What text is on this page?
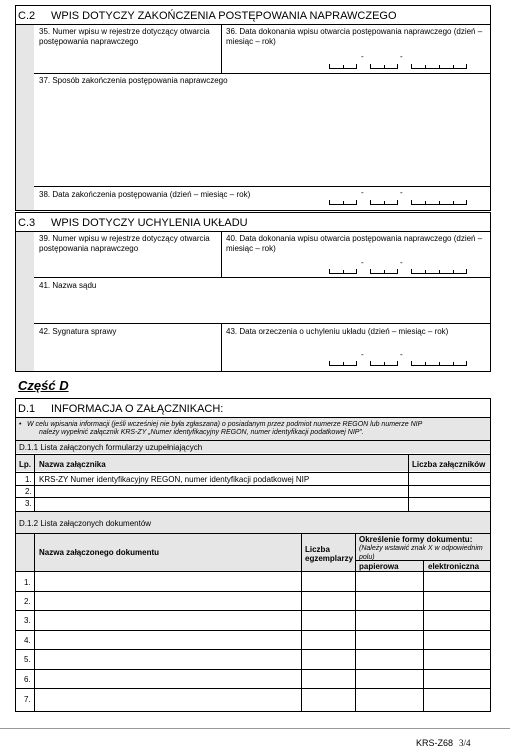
C.2 WPIS DOTYCZY ZAKOŃCZENIA POSTĘPOWANIA NAPRAWCZEGO
35. Numer wpisu w rejestrze dotyczący otwarcia postępowania naprawczego
36. Data dokonania wpisu otwarcia postępowania naprawczego (dzień – miesiąc – rok)
-	-
37. Sposób zakończenia postępowania naprawczego
38. Data zakończenia postępowania (dzień – miesiąc – rok)	-	-
C.3 WPIS DOTYCZY UCHYLENIA UKŁADU
39. Numer wpisu w rejestrze dotyczący otwarcia postępowania naprawczego
40. Data dokonania wpisu otwarcia postępowania naprawczego (dzień – miesiąc – rok)
-	-
41. Nazwa sądu
42. Sygnatura sprawy	43. Data orzeczenia o uchyleniu układu (dzień – miesiąc – rok)
-	-
Część D
D.1 INFORMACJA O ZAŁĄCZNIKACH:
• W celu wpisania informacji (jeśli wcześniej nie była zgłaszana) o posiadanym przez podmiot numerze REGON lub numerze NIP
należy wypełnić załącznik KRS-ZY „Numer identyfikacyjny REGON, numer identyfikacji podatkowej NIP”.
D.1.1 Lista załączonych formularzy uzupełniających
Lp. Nazwa załącznika	Liczba załączników
1. KRS-ZY Numer identyfikacyjny REGON, numer identyfikacji podatkowej NIP
2.
3.
D.1.2 Lista załączonych dokumentów
Nazwa załączonego dokumentu	Liczba
egzemplarzy
Określenie formy dokumentu:
(Należy wstawić znak X w odpowiednim polu)
papierowa	elektroniczna
1.
2.
3.
4.
5.
6.
7.
KRS-Z68 3/4
